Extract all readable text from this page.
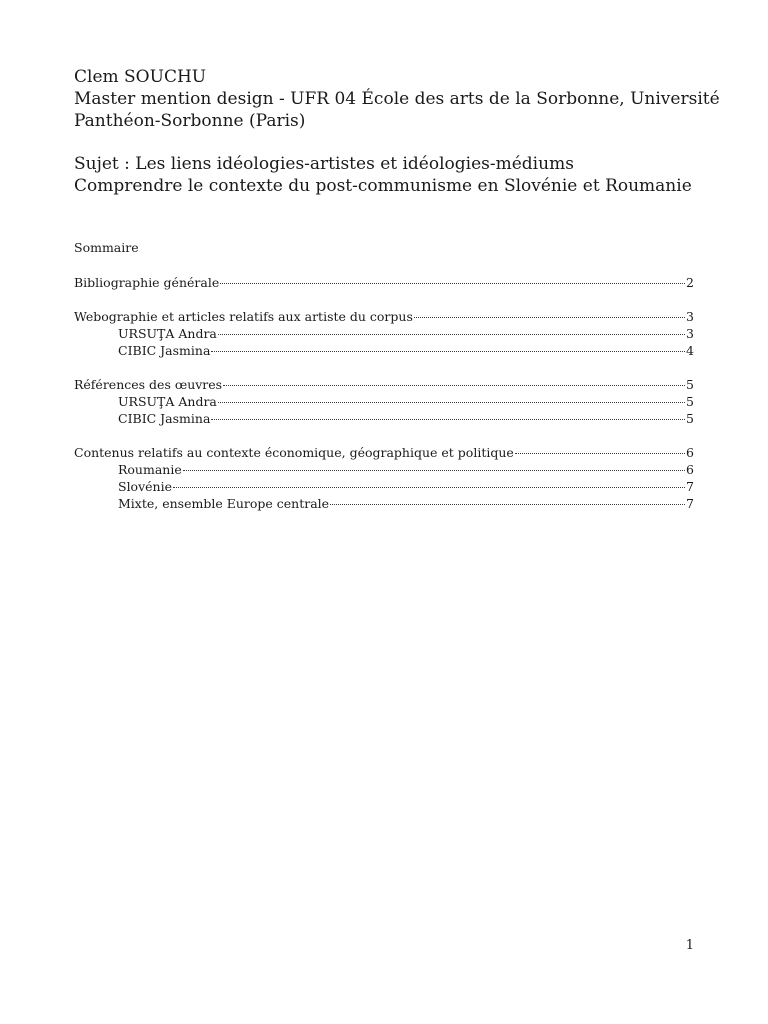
Clem SOUCHU
Master mention design - UFR 04 École des arts de la Sorbonne, Université
Panthéon-Sorbonne (Paris)
Sujet : Les liens idéologies-artistes et idéologies-médiums
Comprendre le contexte du post-communisme en Slovénie et Roumanie
Sommaire
Bibliographie générale	2
Webographie et articles relatifs aux artiste du corpus	3
URSUŢA Andra	3
CIBIC Jasmina	4
Références des œuvres	5
URSUŢA Andra	5
CIBIC Jasmina	5
Contenus relatifs au contexte économique, géographique et politique	6
Roumanie	6
Slovénie	7
Mixte, ensemble Europe centrale	7
1
